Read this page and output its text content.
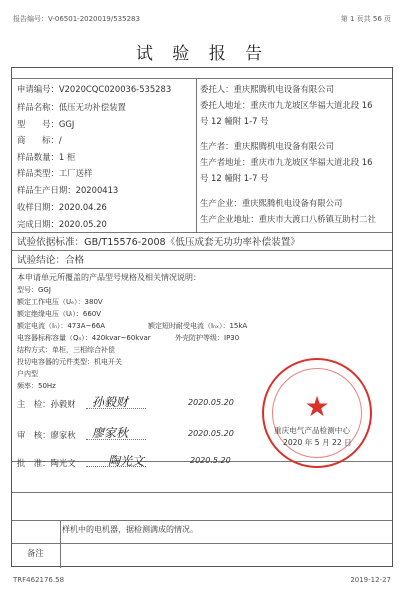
报告编号：V-06501-2020019/535283	第 1 页共 56 页
试 验 报 告
申请编号：V2020CQC020036-535283
样品名称：低压无功补偿装置
型　　号：GGJ
商　　标：/
样品数量：1 柜
样品类型：工厂送样
样品生产日期：20200413
收样日期：2020.04.26
完成日期：2020.05.20
委托人：重庆熙腾机电设备有限公司
委托人地址：重庆市九龙坡区华福大道北段 16
号 12 幢附 1-7 号
生产者：重庆熙腾机电设备有限公司
生产者地址：重庆市九龙坡区华福大道北段 16
号 12 幢附 1-7 号
生产企业：重庆熙腾机电设备有限公司
生产企业地址：重庆市大渡口八桥镇互助村二社
试验依据标准：GB/T15576-2008《低压成套无功功率补偿装置》
试验结论：合格
本申请单元所覆盖的产品型号规格及相关情况说明：
型号：GGJ
额定工作电压（Uₑ）：380V
额定绝缘电压（Uᵢ）：660V
额定电流（Iₙ）：473A~66A	额定短时耐受电流（Iₙₓ）：15kA
电容器标称容量（Qₙ）：420kvar~60kvar	外壳防护等级：IP30
结构方式：单柜，三相综合补偿
投切电容器的元件类型：机电开关
户内型
频率：50Hz
主　检：孙毅财 孙毅财	2020.05.20
审　核：廖家秋 廖家秋	2020.05.20
批　准：陶光文	陶光文	2020.5.20
★
重庆电气产品检测中心
2020 年 5 月 22 日
样机中的电机器，据检测满成的情况。
备注
TRF462176.58	2019-12-27
